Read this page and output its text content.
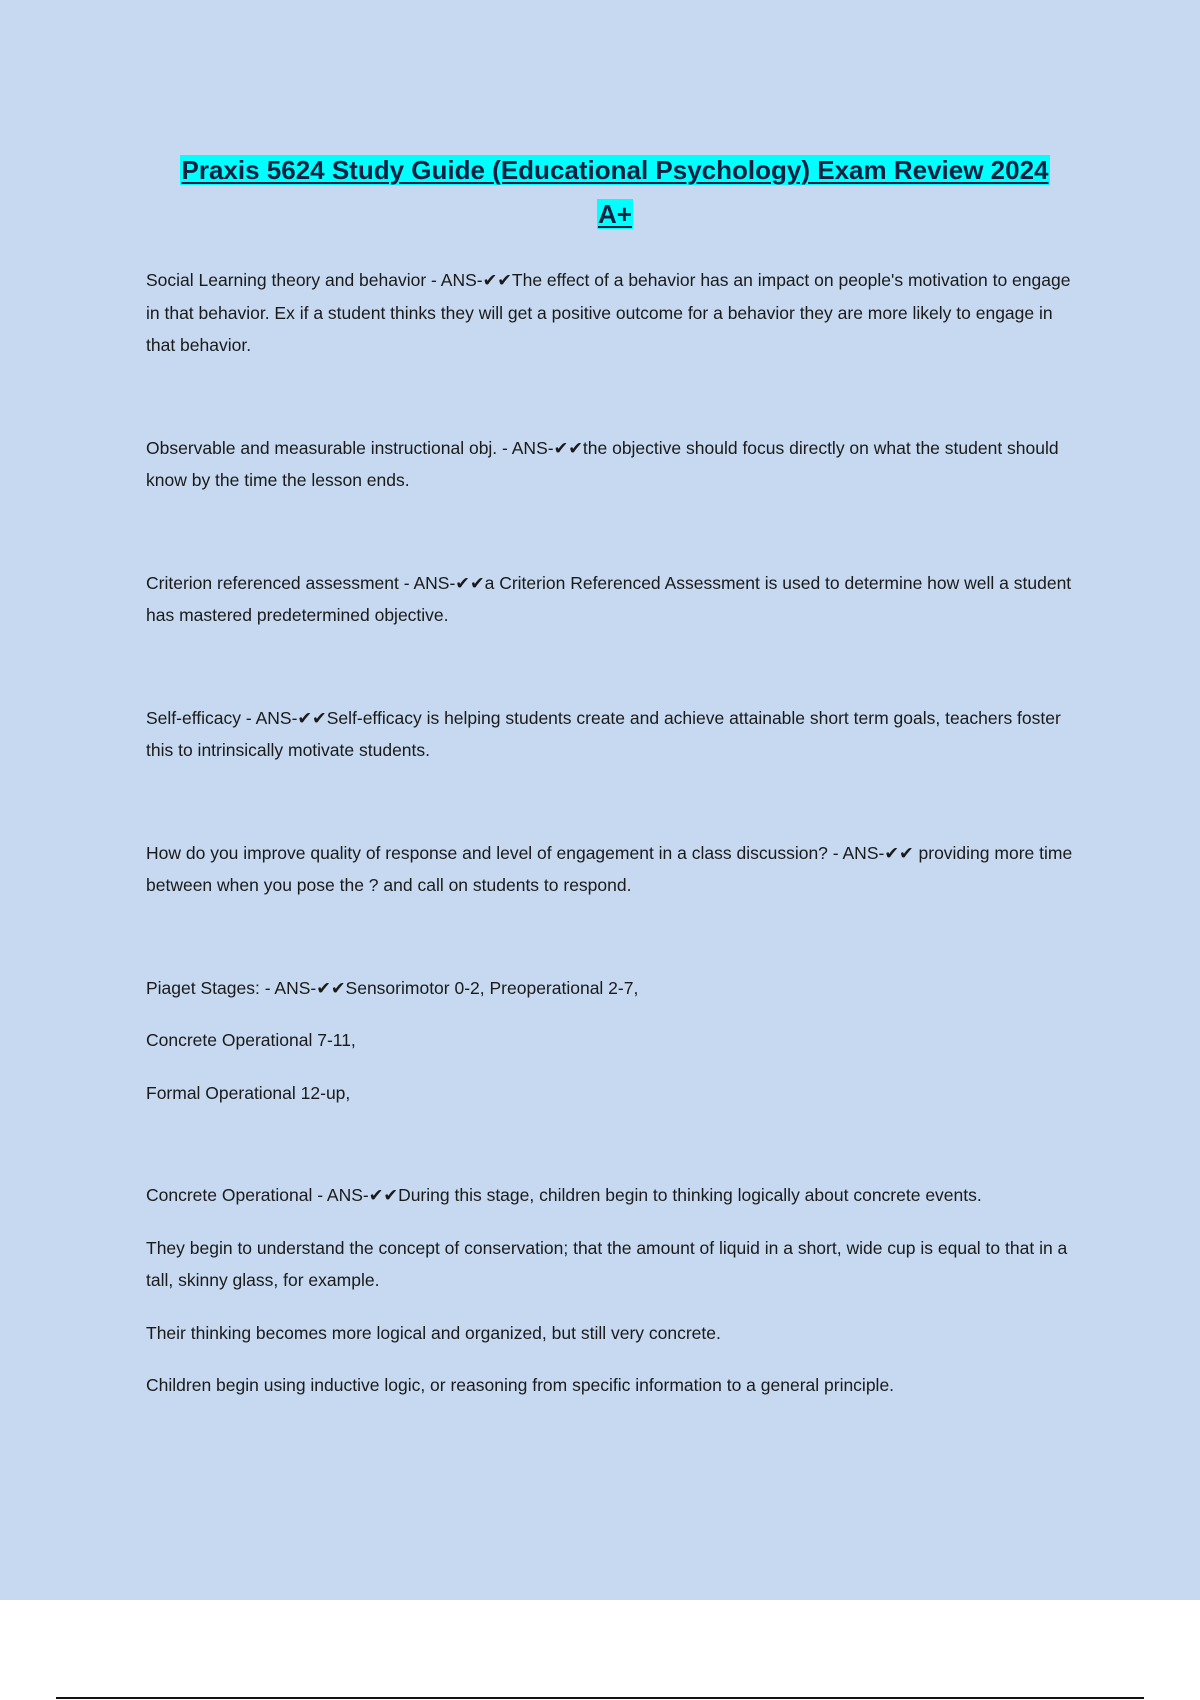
Praxis 5624 Study Guide (Educational Psychology) Exam Review 2024
A+

Social Learning theory and behavior - ANS-✔✔The effect of a behavior has an impact on people's motivation to engage in that behavior. Ex if a student thinks they will get a positive outcome for a behavior they are more likely to engage in that behavior.

Observable and measurable instructional obj. - ANS-✔✔the objective should focus directly on what the student should know by the time the lesson ends.

Criterion referenced assessment - ANS-✔✔a Criterion Referenced Assessment is used to determine how well a student has mastered predetermined objective.

Self-efficacy - ANS-✔✔Self-efficacy is helping students create and achieve attainable short term goals, teachers foster this to intrinsically motivate students.

How do you improve quality of response and level of engagement in a class discussion? - ANS-✔✔ providing more time between when you pose the ? and call on students to respond.

Piaget Stages: - ANS-✔✔Sensorimotor 0-2, Preoperational 2-7,

Concrete Operational 7-11,

Formal Operational 12-up,

Concrete Operational - ANS-✔✔During this stage, children begin to thinking logically about concrete events.

They begin to understand the concept of conservation; that the amount of liquid in a short, wide cup is equal to that in a tall, skinny glass, for example.

Their thinking becomes more logical and organized, but still very concrete.

Children begin using inductive logic, or reasoning from specific information to a general principle.
